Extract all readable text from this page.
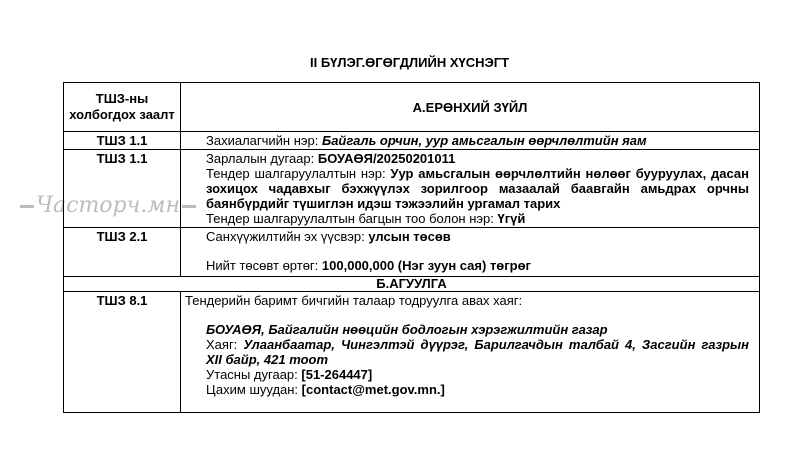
II БҮЛЭГ.ӨГӨГДЛИЙН ХҮСНЭГТ
Часторч.мн
ТШЗ-ны холбогдох заалт	А.ЕРӨНХИЙ ЗҮЙЛ
ТШЗ 1.1	Захиалагчийн нэр: Байгаль орчин, уур амьсгалын өөрчлөлтийн яам
ТШЗ 1.1	Зарлалын дугаар: БОУАӨЯ/20250201011
Тендер шалгаруулалтын нэр: Уур амьсгалын өөрчлөлтийн нөлөөг бууруулах, дасан зохицох чадавхыг бэхжүүлэх зорилгоор мазаалай баавгайн амьдрах орчны баянбүрдийг түшиглэн идэш тэжээлийн ургамал тарих
Тендер шалгаруулалтын багцын тоо болон нэр: Үгүй

ТШЗ 2.1	Санхүүжилтийн эх үүсвэр: улсын төсөв
Нийт төсөвт өртөг: 100,000,000 (Нэг зуун сая) төгрөг

Б.АГУУЛГА	
ТШЗ 8.1	Тендерийн баримт бичгийн талаар тодруулга авах хаяг:
БОУАӨЯ, Байгалийн нөөцийн бодлогын хэрэгжилтийн газар
Хаяг: Улаанбаатар, Чингэлтэй дүүрэг, Барилгачдын талбай 4, Засгийн газрын XII байр, 421 тоот
Утасны дугаар: [51-264447]
Цахим шуудан: [contact@met.gov.mn.]
